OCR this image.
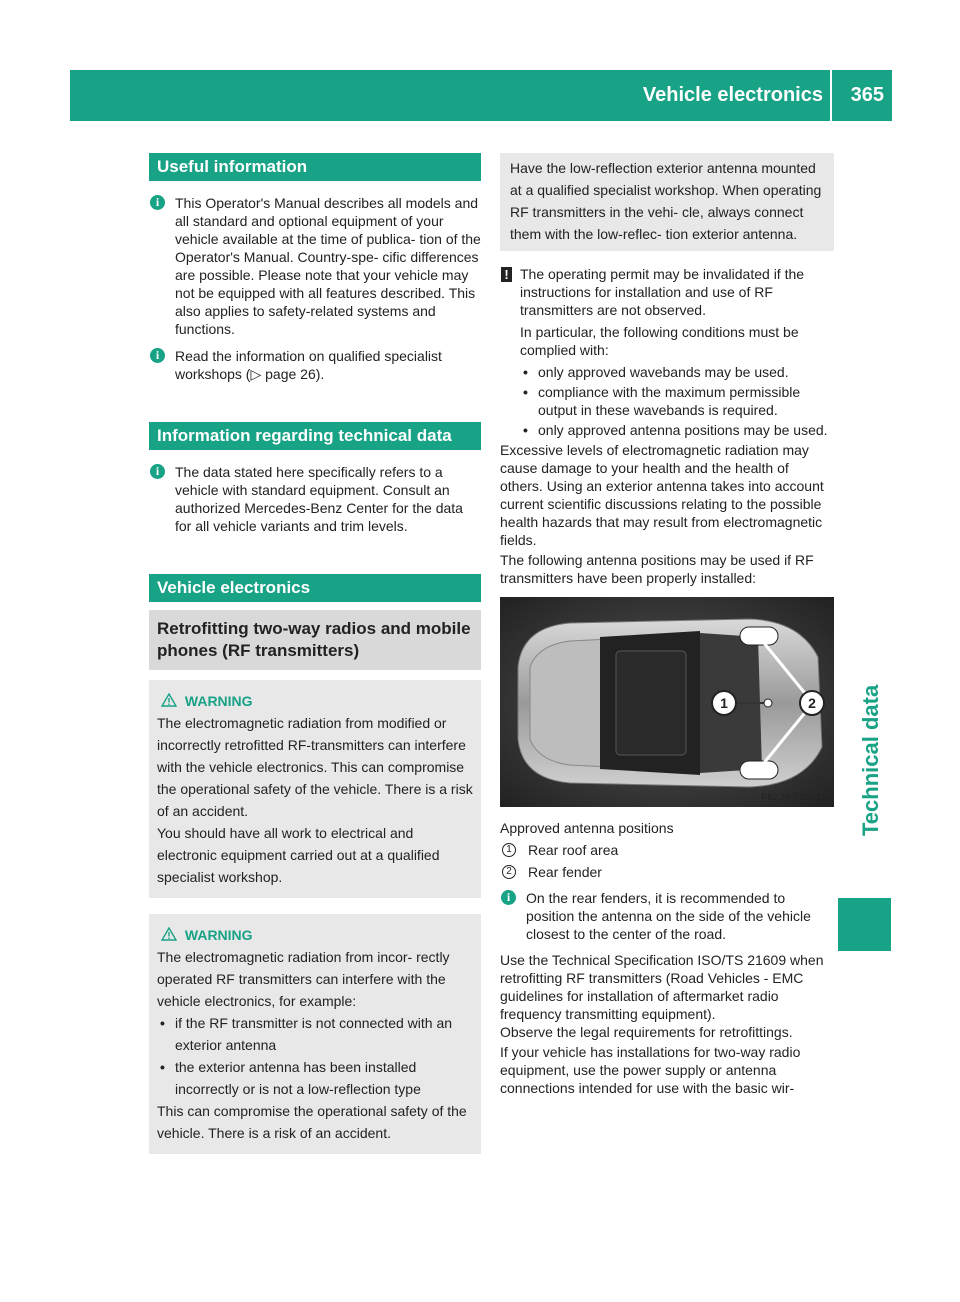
Vehicle electronics 365
Technical data
Useful information
i	This Operator's Manual describes all models and all standard and optional equipment of your vehicle available at the time of publica- tion of the Operator's Manual. Country-spe- cific differences are possible. Please note that your vehicle may not be equipped with all features described. This also applies to safety-related systems and functions.

i	Read the information on qualified specialist workshops (▷ page 26).

Information regarding technical data
i	The data stated here specifically refers to a vehicle with standard equipment. Consult an authorized Mercedes-Benz Center for the data for all vehicle variants and trim levels.

Vehicle electronics
Retrofitting two-way radios and mobile phones (RF transmitters)
WARNING

The electromagnetic radiation from modified or incorrectly retrofitted RF-transmitters can interfere with the vehicle electronics. This can compromise the operational safety of the vehicle. There is a risk of an accident.

You should have all work to electrical and electronic equipment carried out at a qualified specialist workshop.

WARNING

The electromagnetic radiation from incor- rectly operated RF transmitters can interfere with the vehicle electronics, for example:

• if the RF transmitter is not connected with an exterior antenna
• the exterior antenna has been installed incorrectly or is not a low-reflection type

This can compromise the operational safety of the vehicle. There is a risk of an accident.

Have the low-reflection exterior antenna mounted at a qualified specialist workshop. When operating RF transmitters in the vehi- cle, always connect them with the low-reflec- tion exterior antenna.

! The operating permit may be invalidated if the instructions for installation and use of RF transmitters are not observed.

In particular, the following conditions must be complied with:

• only approved wavebands may be used.
• compliance with the maximum permissible output in these wavebands is required.
• only approved antenna positions may be used.

Excessive levels of electromagnetic radiation may cause damage to your health and the health of others. Using an exterior antenna takes into account current scientific discussions relating to the possible health hazards that may result from electromagnetic fields.

The following antenna positions may be used if RF transmitters have been properly installed:

1	2
P82.70-7727-31

Approved antenna positions

1	Rear roof area
2	Rear fender
i	On the rear fenders, it is recommended to position the antenna on the side of the vehicle closest to the center of the road.

Use the Technical Specification ISO/TS 21609 when retrofitting RF transmitters (Road Vehicles - EMC guidelines for installation of aftermarket radio frequency transmitting equipment).

Observe the legal requirements for retrofittings.

If your vehicle has installations for two-way radio equipment, use the power supply or antenna connections intended for use with the basic wir-
